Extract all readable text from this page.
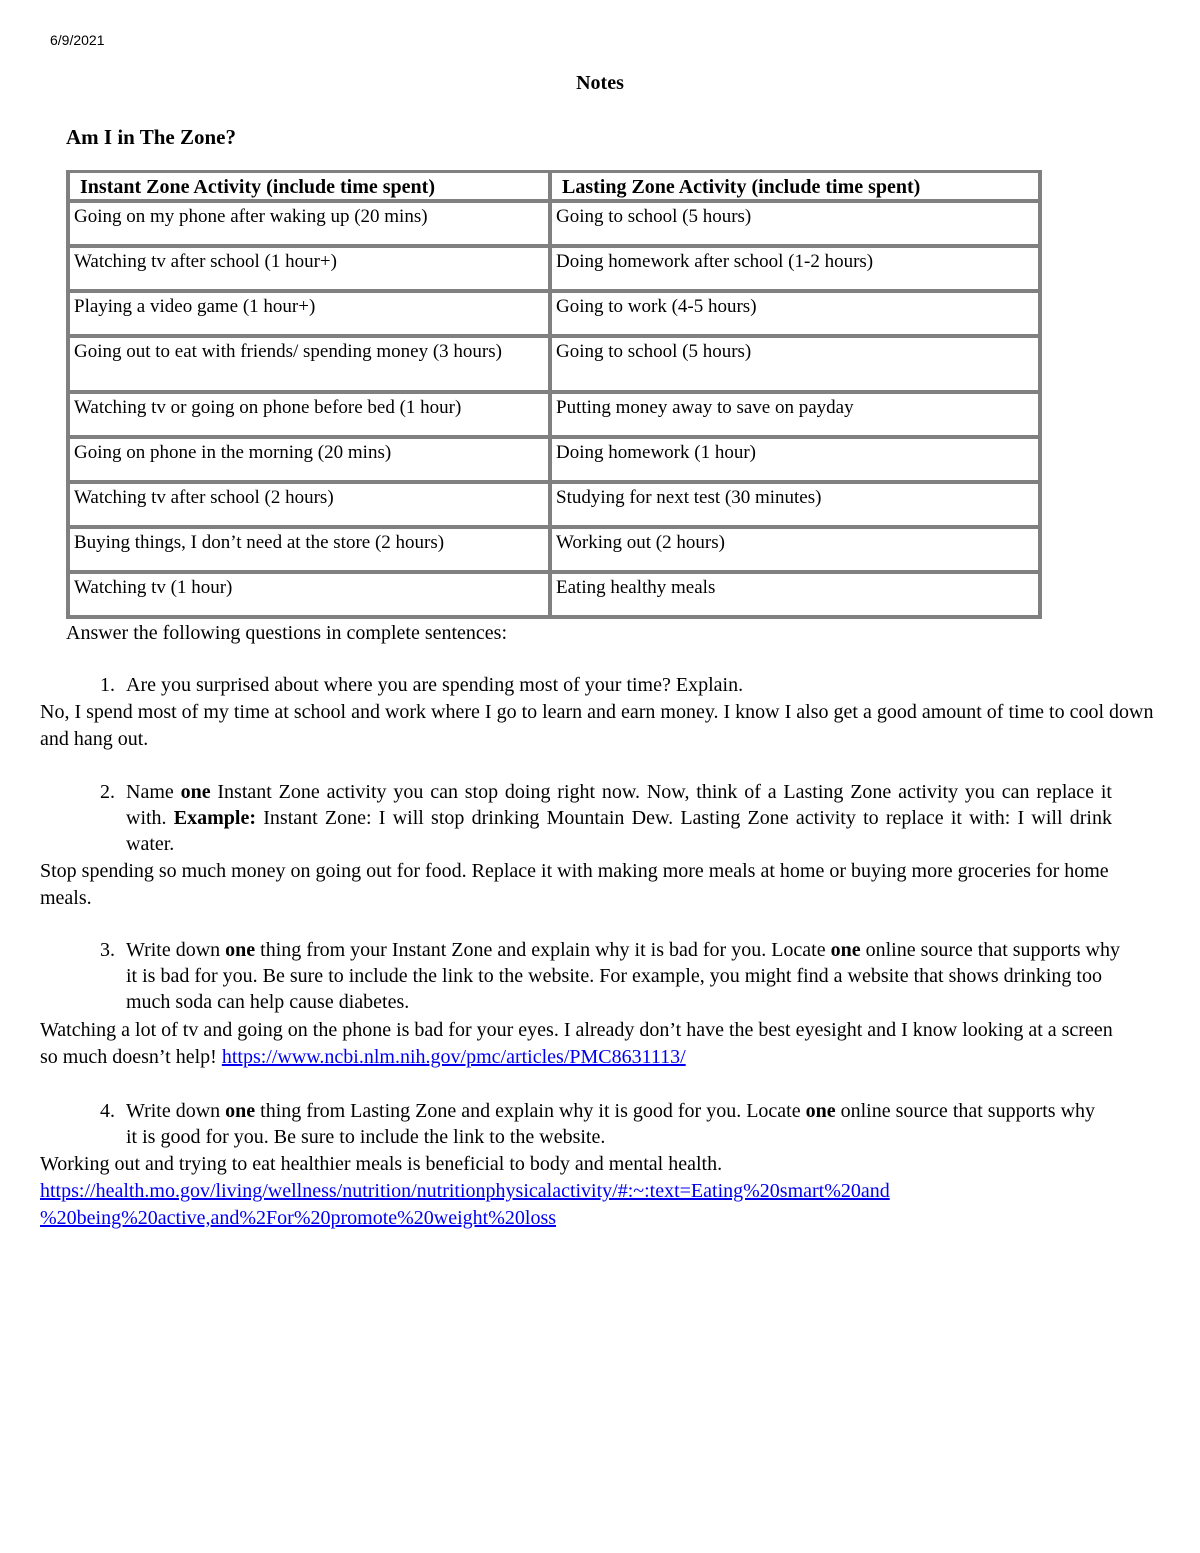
6/9/2021
Notes
Am I in The Zone?
Instant Zone Activity (include time spent)	Lasting Zone Activity (include time spent)
Going on my phone after waking up (20 mins)	Going to school (5 hours)
Watching tv after school (1 hour+)	Doing homework after school (1-2 hours)
Playing a video game (1 hour+)	Going to work (4-5 hours)
Going out to eat with friends/ spending money (3 hours)	Going to school (5 hours)
Watching tv or going on phone before bed (1 hour)	Putting money away to save on payday
Going on phone in the morning (20 mins)	Doing homework (1 hour)
Watching tv after school (2 hours)	Studying for next test (30 minutes)
Buying things, I don’t need at the store (2 hours)	Working out (2 hours)
Watching tv (1 hour)	Eating healthy meals
Answer the following questions in complete sentences:
1. Are you surprised about where you are spending most of your time? Explain.
No, I spend most of my time at school and work where I go to learn and earn money. I know I also get a good amount of time to cool down and hang out.
2. Name one Instant Zone activity you can stop doing right now. Now, think of a Lasting Zone activity you can replace it with. Example: Instant Zone: I will stop drinking Mountain Dew. Lasting Zone activity to replace it with: I will drink water.
Stop spending so much money on going out for food. Replace it with making more meals at home or buying more groceries for home meals.
3. Write down one thing from your Instant Zone and explain why it is bad for you. Locate one online source that supports why it is bad for you. Be sure to include the link to the website. For example, you might find a website that shows drinking too much soda can help cause diabetes.
Watching a lot of tv and going on the phone is bad for your eyes. I already don’t have the best eyesight and I know looking at a screen so much doesn’t help! https://www.ncbi.nlm.nih.gov/pmc/articles/PMC8631113/
4. Write down one thing from Lasting Zone and explain why it is good for you. Locate one online source that supports why it is good for you. Be sure to include the link to the website.
Working out and trying to eat healthier meals is beneficial to body and mental health.
https://health.mo.gov/living/wellness/nutrition/nutritionphysicalactivity/#:~:text=Eating%20smart%20and
%20being%20active,and%2For%20promote%20weight%20loss
